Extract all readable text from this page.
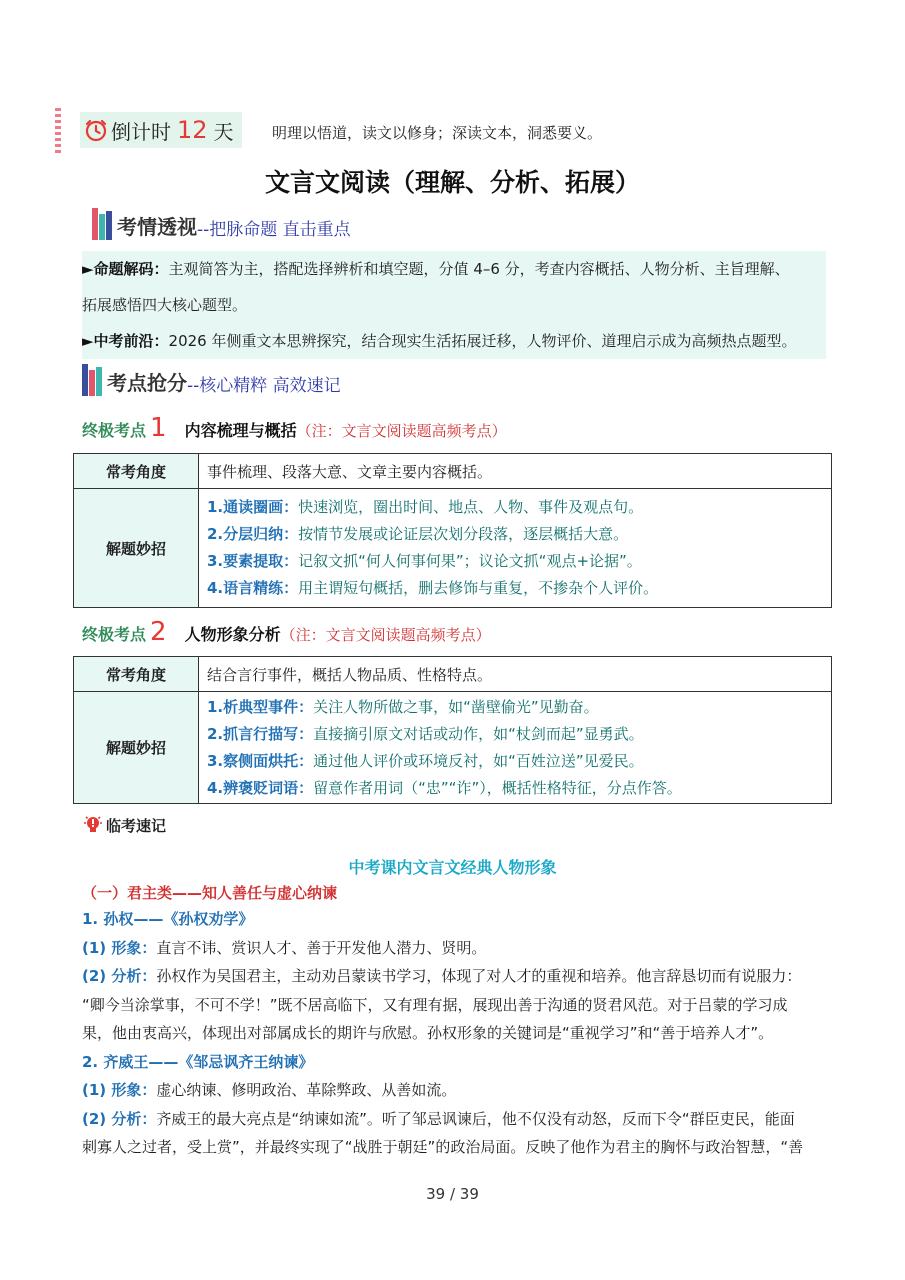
倒计时 12 天	明理以悟道，读文以修身；深读文本，洞悉要义。
文言文阅读（理解、分析、拓展）
考情透视 --把脉命题 直击重点
►命题解码：主观简答为主，搭配选择辨析和填空题，分值 4–6 分，考查内容概括、人物分析、主旨理解、
拓展感悟四大核心题型。
►中考前沿：2026 年侧重文本思辨探究，结合现实生活拓展迁移，人物评价、道理启示成为高频热点题型。
考点抢分 --核心精粹 高效速记
终极考点 1 内容梳理与概括 （注：文言文阅读题高频考点）
常考角度	事件梳理、段落大意、文章主要内容概括。
解题妙招	1.通读圈画：快速浏览，圈出时间、地点、人物、事件及观点句。
2.分层归纳：按情节发展或论证层次划分段落，逐层概括大意。
3.要素提取：记叙文抓“何人何事何果”；议论文抓“观点+论据”。
4.语言精练：用主谓短句概括，删去修饰与重复，不掺杂个人评价。
终极考点 2 人物形象分析 （注：文言文阅读题高频考点）
常考角度	结合言行事件，概括人物品质、性格特点。
解题妙招	1.析典型事件：关注人物所做之事，如“凿壁偷光”见勤奋。
2.抓言行描写：直接摘引原文对话或动作，如“杖剑而起”显勇武。
3.察侧面烘托：通过他人评价或环境反衬，如“百姓泣送”见爱民。
4.辨褒贬词语：留意作者用词（“忠”“诈”），概括性格特征，分点作答。
临考速记
中考课内文言文经典人物形象
（一）君主类——知人善任与虚心纳谏
1. 孙权——《孙权劝学》
(1) 形象：直言不讳、赏识人才、善于开发他人潜力、贤明。
(2) 分析：孙权作为吴国君主，主动劝吕蒙读书学习，体现了对人才的重视和培养。他言辞恳切而有说服力：
“卿今当涂掌事，不可不学！”既不居高临下，又有理有据，展现出善于沟通的贤君风范。对于吕蒙的学习成
果，他由衷高兴，体现出对部属成长的期许与欣慰。孙权形象的关键词是“重视学习”和“善于培养人才”。
2. 齐威王——《邹忌讽齐王纳谏》
(1) 形象：虚心纳谏、修明政治、革除弊政、从善如流。
(2) 分析：齐威王的最大亮点是“纳谏如流”。听了邹忌讽谏后，他不仅没有动怒，反而下令“群臣吏民，能面
刺寡人之过者，受上赏”，并最终实现了“战胜于朝廷”的政治局面。反映了他作为君主的胸怀与政治智慧，“善
39 / 39
